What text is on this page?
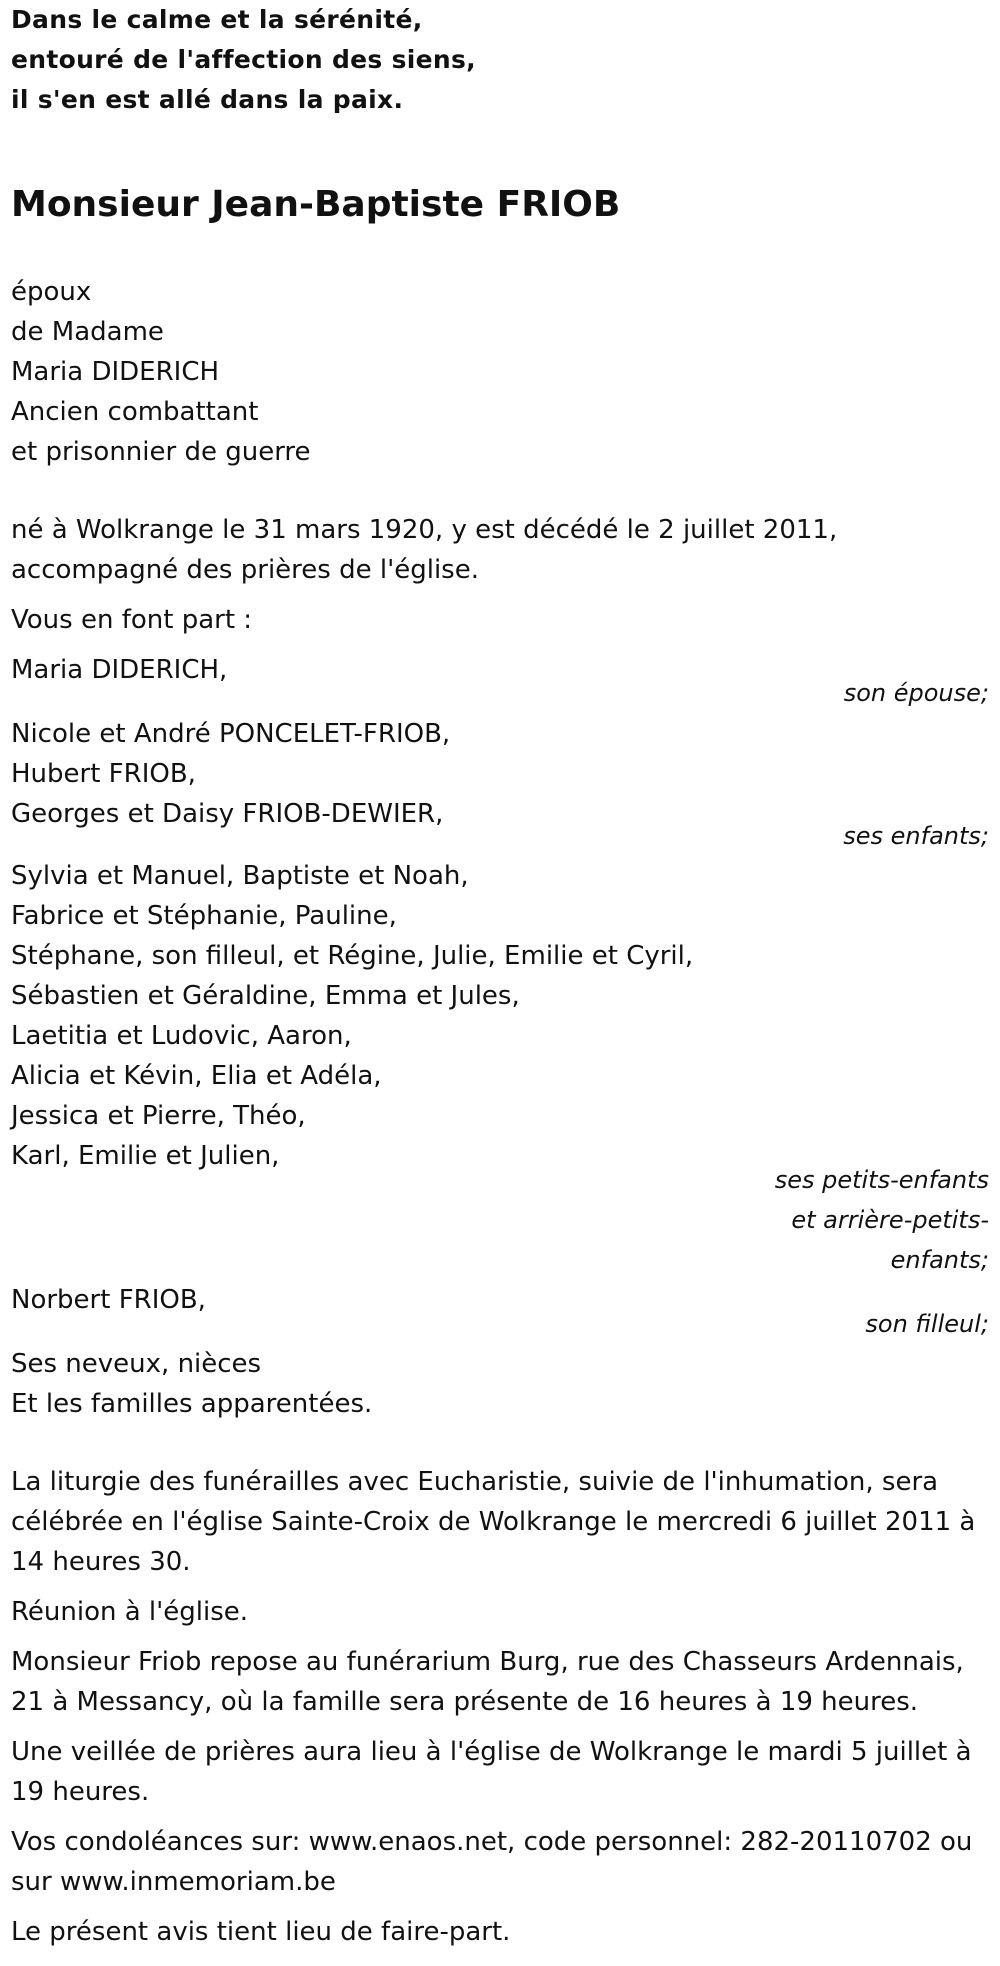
Dans le calme et la sérénité,
entouré de l'affection des siens,
il s'en est allé dans la paix.
Monsieur Jean-Baptiste FRIOB
époux
de Madame
Maria DIDERICH
Ancien combattant
et prisonnier de guerre
né à Wolkrange le 31 mars 1920, y est décédé le 2 juillet 2011,
accompagné des prières de l'église.
Vous en font part :
Maria DIDERICH,
son épouse;
Nicole et André PONCELET-FRIOB,
Hubert FRIOB,
Georges et Daisy FRIOB-DEWIER,
ses enfants;
Sylvia et Manuel, Baptiste et Noah,
Fabrice et Stéphanie, Pauline,
Stéphane, son filleul, et Régine, Julie, Emilie et Cyril,
Sébastien et Géraldine, Emma et Jules,
Laetitia et Ludovic, Aaron,
Alicia et Kévin, Elia et Adéla,
Jessica et Pierre, Théo,
Karl, Emilie et Julien,
ses petits-enfants
et arrière-petits-
enfants;
Norbert FRIOB,
son filleul;
Ses neveux, nièces
Et les familles apparentées.
La liturgie des funérailles avec Eucharistie, suivie de l'inhumation, sera
célébrée en l'église Sainte-Croix de Wolkrange le mercredi 6 juillet 2011 à
14 heures 30.
Réunion à l'église.
Monsieur Friob repose au funérarium Burg, rue des Chasseurs Ardennais,
21 à Messancy, où la famille sera présente de 16 heures à 19 heures.
Une veillée de prières aura lieu à l'église de Wolkrange le mardi 5 juillet à
19 heures.
Vos condoléances sur: www.enaos.net, code personnel: 282-20110702 ou
sur www.inmemoriam.be
Le présent avis tient lieu de faire-part.
